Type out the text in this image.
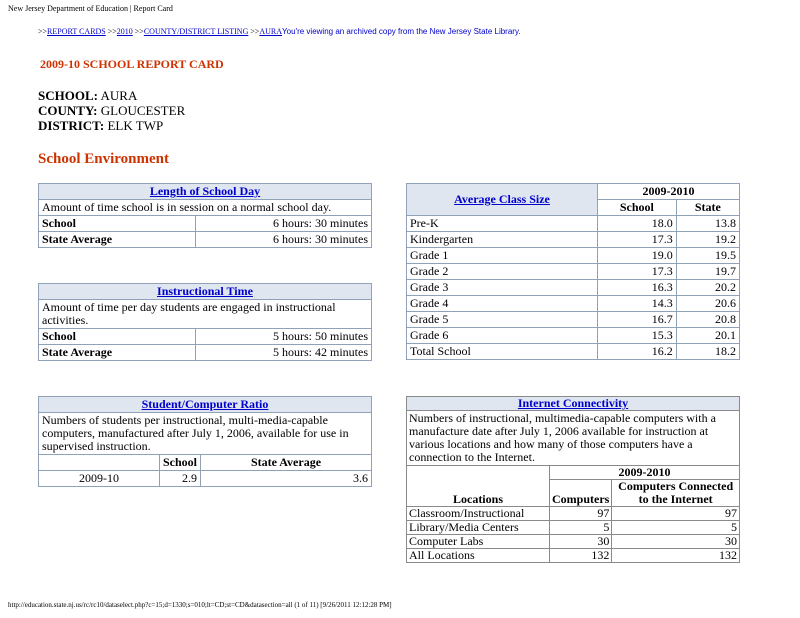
New Jersey Department of Education | Report Card
>>REPORT CARDS >>2010 >>COUNTY/DISTRICT LISTING >>AURAYou're viewing an archived copy from the New Jersey State Library.
2009-10 SCHOOL REPORT CARD
SCHOOL: AURA
COUNTY: GLOUCESTER
DISTRICT: ELK TWP
School Environment
Length of School Day	
Amount of time school is in session on a normal school day.	
School	6 hours: 30 minutes
State Average	6 hours: 30 minutes
Instructional Time	
Amount of time per day students are engaged in instructional activities.	
School	5 hours: 50 minutes
State Average	5 hours: 42 minutes
Student/Computer Ratio		
Numbers of students per instructional, multi-media-capable computers, manufactured after July 1, 2006, available for use in supervised instruction.		
	School	State Average
2009-10	2.9	3.6
Average Class Size	2009-2010	
	School	State
Pre-K	18.0	13.8
Kindergarten	17.3	19.2
Grade 1	19.0	19.5
Grade 2	17.3	19.7
Grade 3	16.3	20.2
Grade 4	14.3	20.6
Grade 5	16.7	20.8
Grade 6	15.3	20.1
Total School	16.2	18.2
Internet Connectivity		
Numbers of instructional, multimedia-capable computers with a manufacture date after July 1, 2006 available for instruction at various locations and how many of those computers have a connection to the Internet.		
Locations	2009-2010	
	Computers	Computers Connected to the Internet
Classroom/Instructional	97	97
Library/Media Centers	5	5
Computer Labs	30	30
All Locations	132	132
http://education.state.nj.us/rc/rc10/dataselect.php?c=15;d=1330;s=010;lt=CD;st=CD&datasection=all (1 of 11) [9/26/2011 12:12:28 PM]
